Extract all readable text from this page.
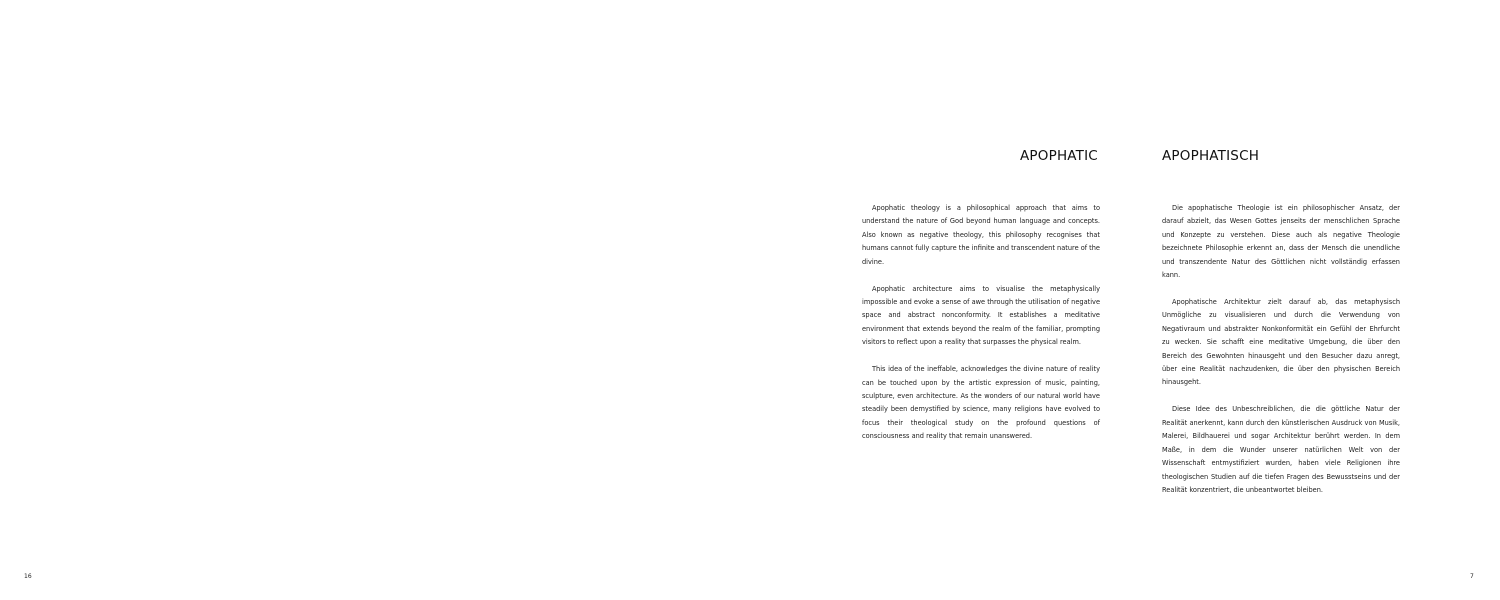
APOPHATIC	APOPHATISCH

Apophatic theology is a philosophical approach that aims to understand the nature of God beyond human language and concepts. Also known as negative theology, this philosophy recognises that humans cannot fully capture the infinite and transcendent nature of the divine.

Apophatic architecture aims to visualise the metaphysically impossible and evoke a sense of awe through the utilisation of negative space and abstract nonconformity. It establishes a meditative environment that extends beyond the realm of the familiar, prompting visitors to reflect upon a reality that surpasses the physical realm.

This idea of the ineffable, acknowledges the divine nature of reality can be touched upon by the artistic expression of music, painting, sculpture, even architecture. As the wonders of our natural world have steadily been demystified by science, many religions have evolved to focus their theological study on the profound questions of consciousness and reality that remain unanswered.

Die apophatische Theologie ist ein philosophischer Ansatz, der darauf abzielt, das Wesen Gottes jenseits der menschlichen Sprache und Konzepte zu verstehen. Diese auch als negative Theologie bezeichnete Philosophie erkennt an, dass der Mensch die unendliche und transzendente Natur des Göttlichen nicht vollständig erfassen kann.

Apophatische Architektur zielt darauf ab, das metaphysisch Unmögliche zu visualisieren und durch die Verwendung von Negativraum und abstrakter Nonkonformität ein Gefühl der Ehrfurcht zu wecken. Sie schafft eine meditative Umgebung, die über den Bereich des Gewohnten hinausgeht und den Besucher dazu anregt, über eine Realität nachzudenken, die über den physischen Bereich hinausgeht.

Diese Idee des Unbeschreiblichen, die die göttliche Natur der Realität anerkennt, kann durch den künstlerischen Ausdruck von Musik, Malerei, Bildhauerei und sogar Architektur berührt werden. In dem Maße, in dem die Wunder unserer natürlichen Welt von der Wissenschaft entmystifiziert wurden, haben viele Religionen ihre theologischen Studien auf die tiefen Fragen des Bewusstseins und der Realität konzentriert, die unbeantwortet bleiben.

16	7
